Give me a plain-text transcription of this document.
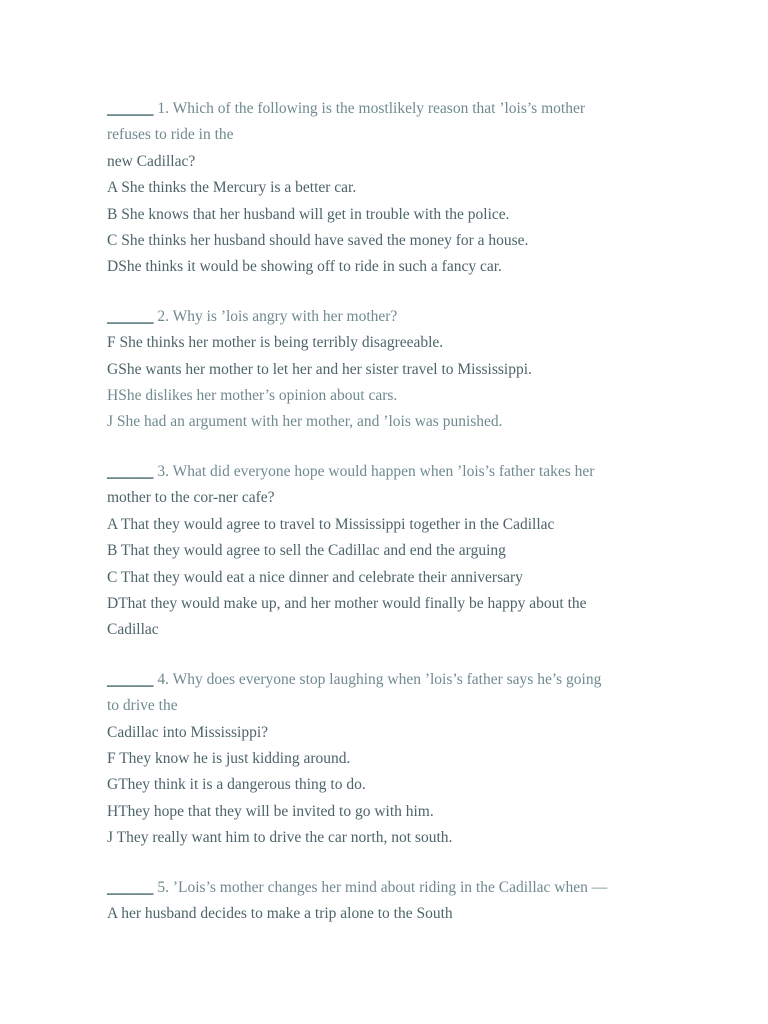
______ 1. Which of the following is the mostlikely reason that ’lois’s mother
refuses to ride in the
new Cadillac?
A She thinks the Mercury is a better car.
B She knows that her husband will get in trouble with the police.
C She thinks her husband should have saved the money for a house.
DShe thinks it would be showing off to ride in such a fancy car.
______ 2. Why is ’lois angry with her mother?
F She thinks her mother is being terribly disagreeable.
GShe wants her mother to let her and her sister travel to Mississippi.
HShe dislikes her mother’s opinion about cars.
J She had an argument with her mother, and ’lois was punished.
______ 3. What did everyone hope would happen when ’lois’s father takes her
mother to the cor-ner cafe?
A That they would agree to travel to Mississippi together in the Cadillac
B That they would agree to sell the Cadillac and end the arguing
C That they would eat a nice dinner and celebrate their anniversary
DThat they would make up, and her mother would finally be happy about the
Cadillac
______ 4. Why does everyone stop laughing when ’lois’s father says he’s going
to drive the
Cadillac into Mississippi?
F They know he is just kidding around.
GThey think it is a dangerous thing to do.
HThey hope that they will be invited to go with him.
J They really want him to drive the car north, not south.
______ 5. ’Lois’s mother changes her mind about riding in the Cadillac when —
A her husband decides to make a trip alone to the South
